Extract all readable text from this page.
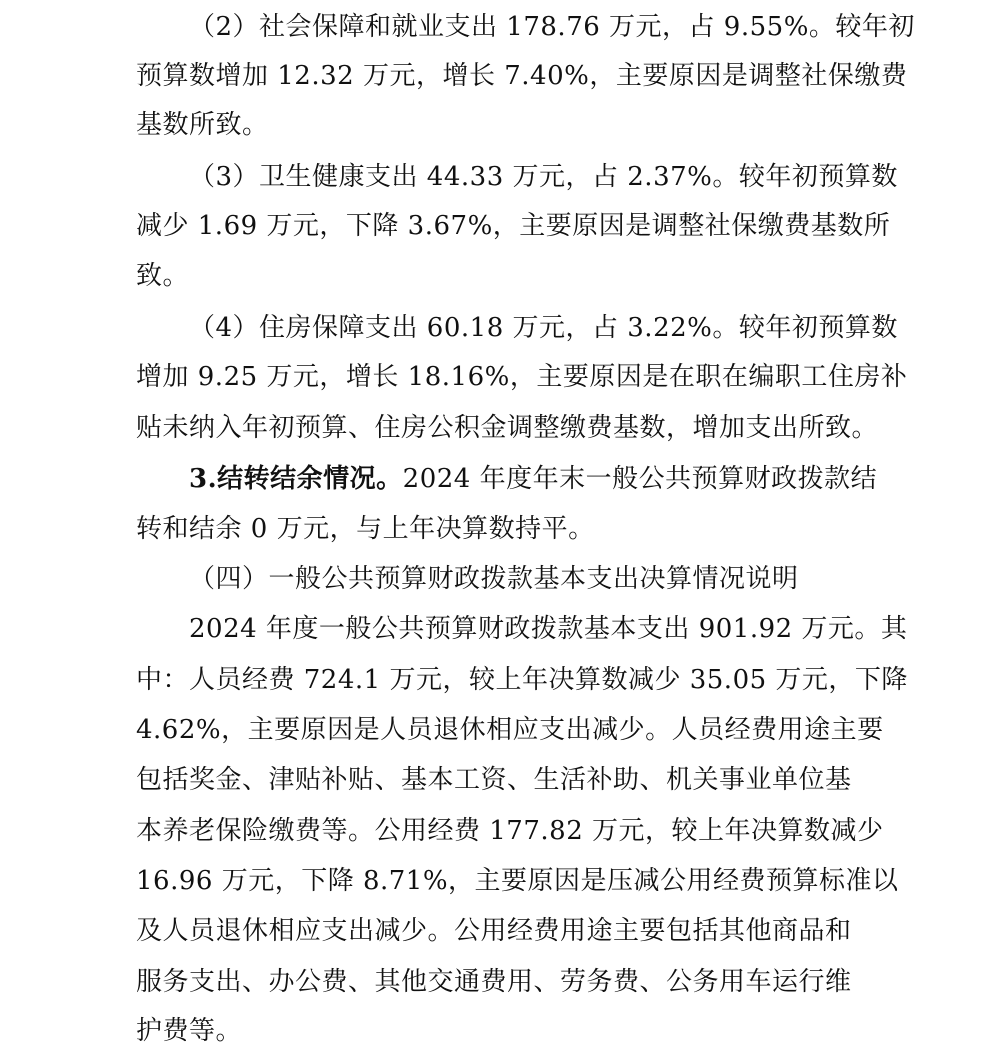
（2）社会保障和就业支出 178.76 万元，占 9.55%。较年初
预算数增加 12.32 万元，增长 7.40%，主要原因是调整社保缴费
基数所致。
（3）卫生健康支出 44.33 万元，占 2.37%。较年初预算数
减少 1.69 万元，下降 3.67%，主要原因是调整社保缴费基数所
致。
（4）住房保障支出 60.18 万元，占 3.22%。较年初预算数
增加 9.25 万元，增长 18.16%，主要原因是在职在编职工住房补
贴未纳入年初预算、住房公积金调整缴费基数，增加支出所致。
3.结转结余情况。2024 年度年末一般公共预算财政拨款结
转和结余 0 万元，与上年决算数持平。
（四）一般公共预算财政拨款基本支出决算情况说明
2024 年度一般公共预算财政拨款基本支出 901.92 万元。其
中：人员经费 724.1 万元，较上年决算数减少 35.05 万元，下降
4.62%，主要原因是人员退休相应支出减少。人员经费用途主要
包括奖金、津贴补贴、基本工资、生活补助、机关事业单位基
本养老保险缴费等。公用经费 177.82 万元，较上年决算数减少
16.96 万元，下降 8.71%，主要原因是压减公用经费预算标准以
及人员退休相应支出减少。公用经费用途主要包括其他商品和
服务支出、办公费、其他交通费用、劳务费、公务用车运行维
护费等。
